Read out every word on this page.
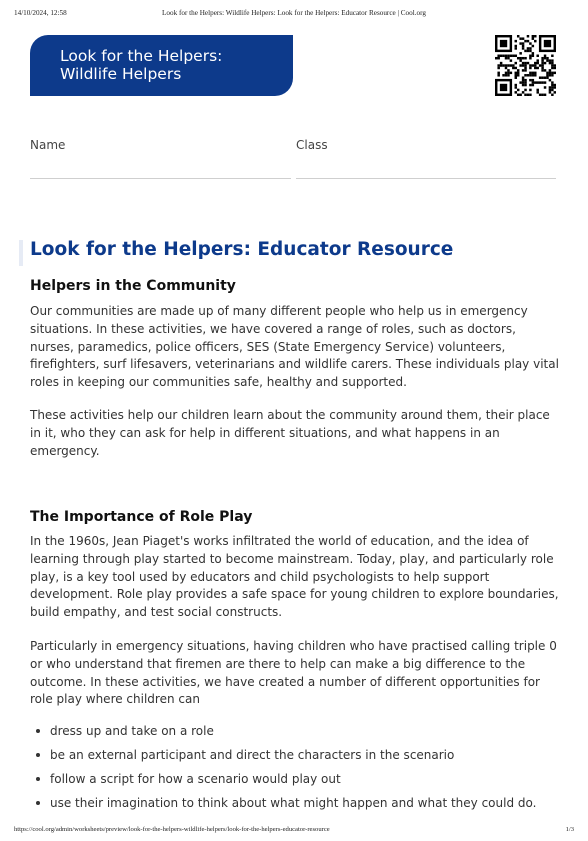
14/10/2024, 12:58	Look for the Helpers: Wildlife Helpers: Look for the Helpers: Educator Resource | Cool.org
Look for the Helpers:
Wildlife Helpers
Name	Class
Look for the Helpers: Educator Resource
Helpers in the Community

Our communities are made up of many different people who help us in emergency situations. In these activities, we have covered a range of roles, such as doctors, nurses, paramedics, police officers, SES (State Emergency Service) volunteers, firefighters, surf lifesavers, veterinarians and wildlife carers. These individuals play vital roles in keeping our communities safe, healthy and supported.

These activities help our children learn about the community around them, their place in it, who they can ask for help in different situations, and what happens in an emergency.

The Importance of Role Play

In the 1960s, Jean Piaget's works infiltrated the world of education, and the idea of learning through play started to become mainstream. Today, play, and particularly role play, is a key tool used by educators and child psychologists to help support development. Role play provides a safe space for young children to explore boundaries, build empathy, and test social constructs.

Particularly in emergency situations, having children who have practised calling triple 0 or who understand that firemen are there to help can make a big difference to the outcome. In these activities, we have created a number of different opportunities for role play where children can

dress up and take on a role
be an external participant and direct the characters in the scenario
follow a script for how a scenario would play out
use their imagination to think about what might happen and what they could do.
https://cool.org/admin/worksheets/preview/look-for-the-helpers-wildlife-helpers/look-for-the-helpers-educator-resource	1/3
